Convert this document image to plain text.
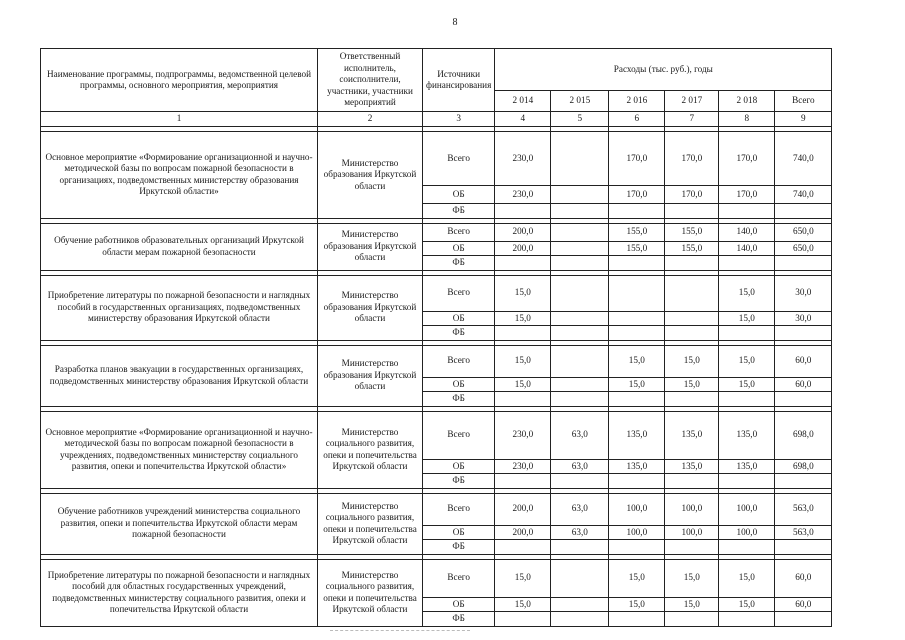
8
Наименование программы, подпрограммы, ведомственной целевой программы, основного мероприятия, мероприятия	Ответственный исполнитель, соисполнители, участники, участники мероприятий	Источники финансирования	Расходы (тыс. руб.), годы					
			2 014	2 015	2 016	2 017	2 018	Всего
1	2	3	4	5	6	7	8	9

Основное мероприятие «Формирование организационной и научно-методической базы по вопросам пожарной безопасности в организациях, подведомственных министерству образования Иркутской области»	Министерство образования Иркутской области	Всего	230,0		170,0	170,0	170,0	740,0
		ОБ	230,0		170,0	170,0	170,0	740,0
		ФБ						

Обучение работников образовательных организаций Иркутской области мерам пожарной безопасности	Министерство образования Иркутской области	Всего	200,0		155,0	155,0	140,0	650,0
		ОБ	200,0		155,0	155,0	140,0	650,0
		ФБ						

Приобретение литературы по пожарной безопасности и наглядных пособий в государственных организациях, подведомственных министерству образования Иркутской области	Министерство образования Иркутской области	Всего	15,0				15,0	30,0
		ОБ	15,0				15,0	30,0
		ФБ						

Разработка планов эвакуации в государственных организациях, подведомственных министерству образования Иркутской области	Министерство образования Иркутской области	Всего	15,0		15,0	15,0	15,0	60,0
		ОБ	15,0		15,0	15,0	15,0	60,0
		ФБ						

Основное мероприятие «Формирование организационной и научно-методической базы по вопросам пожарной безопасности в учреждениях, подведомственных министерству социального развития, опеки и попечительства Иркутской области»	Министерство социального развития, опеки и попечительства Иркутской области	Всего	230,0	63,0	135,0	135,0	135,0	698,0
		ОБ	230,0	63,0	135,0	135,0	135,0	698,0
		ФБ						

Обучение работников учреждений министерства социального развития, опеки и попечительства Иркутской области мерам пожарной безопасности	Министерство социального развития, опеки и попечительства Иркутской области	Всего	200,0	63,0	100,0	100,0	100,0	563,0
		ОБ	200,0	63,0	100,0	100,0	100,0	563,0
		ФБ						

Приобретение литературы по пожарной безопасности и наглядных пособий для областных государственных учреждений, подведомственных министерству социального развития, опеки и попечительства Иркутской области	Министерство социального развития, опеки и попечительства Иркутской области	Всего	15,0		15,0	15,0	15,0	60,0
		ОБ	15,0		15,0	15,0	15,0	60,0
		ФБ						
